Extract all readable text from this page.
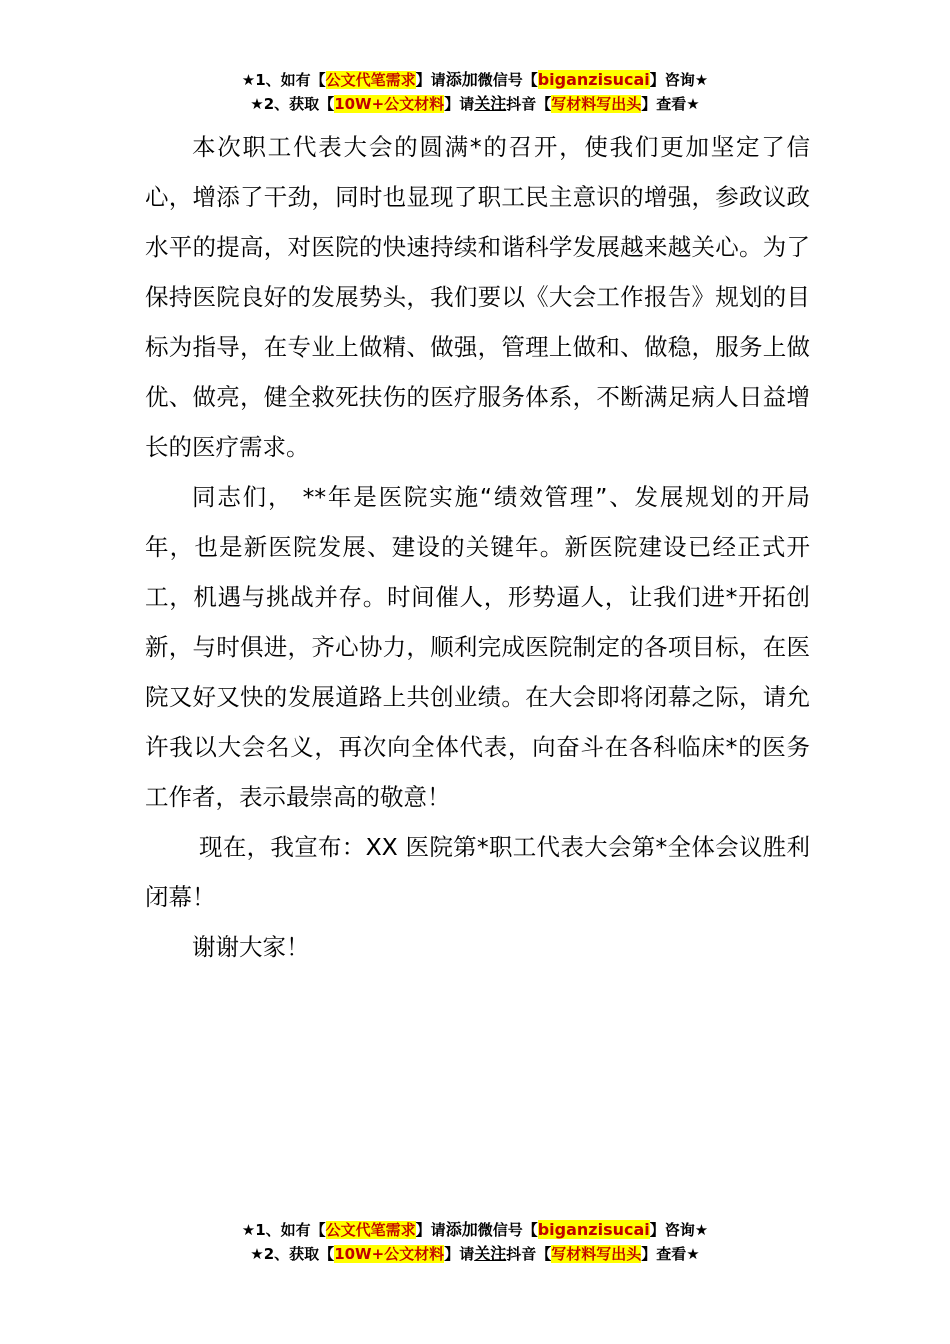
★1、如有【公文代笔需求】请添加微信号【biganzisucai】咨询★
★2、获取【10W+公文材料】请关注抖音【写材料写出头】查看★

本次职工代表大会的圆满*的召开，使我们更加坚定了信心，增添了干劲，同时也显现了职工民主意识的增强，参政议政水平的提高，对医院的快速持续和谐科学发展越来越关心。为了保持医院良好的发展势头，我们要以《大会工作报告》规划的目标为指导，在专业上做精、做强，管理上做和、做稳，服务上做优、做亮，健全救死扶伤的医疗服务体系，不断满足病人日益增长的医疗需求。

同志们， **年是医院实施“绩效管理”、发展规划的开局年，也是新医院发展、建设的关键年。新医院建设已经正式开工，机遇与挑战并存。时间催人，形势逼人，让我们进*开拓创新，与时俱进，齐心协力，顺利完成医院制定的各项目标，在医院又好又快的发展道路上共创业绩。在大会即将闭幕之际，请允许我以大会名义，再次向全体代表，向奋斗在各科临床*的医务工作者，表示最崇高的敬意！

现在，我宣布：XX 医院第*职工代表大会第*全体会议胜利闭幕！

谢谢大家！

★1、如有【公文代笔需求】请添加微信号【biganzisucai】咨询★
★2、获取【10W+公文材料】请关注抖音【写材料写出头】查看★
